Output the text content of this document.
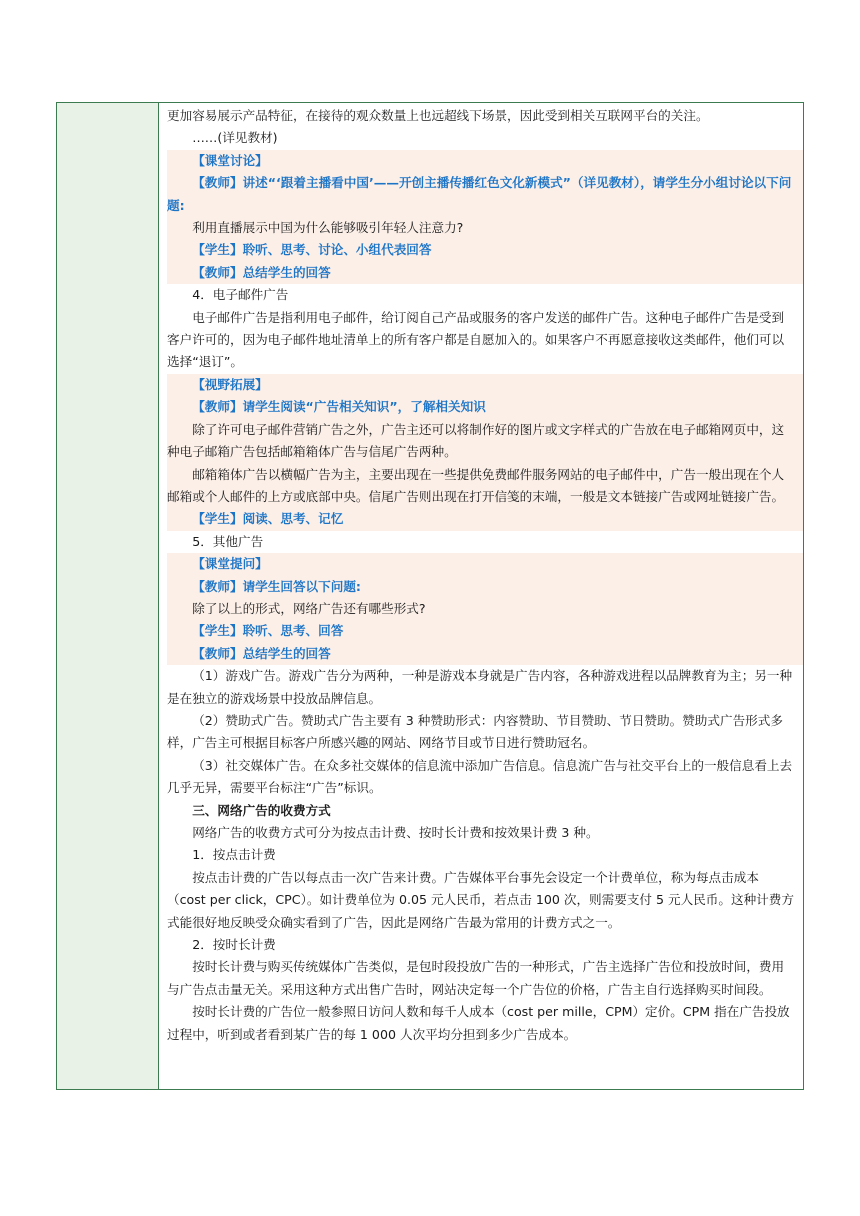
更加容易展示产品特征，在接待的观众数量上也远超线下场景，因此受到相关互联网平台的关注。

……(详见教材)

【课堂讨论】

【教师】讲述“‘跟着主播看中国’——开创主播传播红色文化新模式”（详见教材），请学生分小组讨论以下问题:

利用直播展示中国为什么能够吸引年轻人注意力?

【学生】聆听、思考、讨论、小组代表回答

【教师】总结学生的回答

4．电子邮件广告

电子邮件广告是指利用电子邮件，给订阅自己产品或服务的客户发送的邮件广告。这种电子邮件广告是受到客户许可的，因为电子邮件地址清单上的所有客户都是自愿加入的。如果客户不再愿意接收这类邮件，他们可以选择“退订”。

【视野拓展】

【教师】请学生阅读“广告相关知识”，了解相关知识

除了许可电子邮件营销广告之外，广告主还可以将制作好的图片或文字样式的广告放在电子邮箱网页中，这种电子邮箱广告包括邮箱箱体广告与信尾广告两种。

邮箱箱体广告以横幅广告为主，主要出现在一些提供免费邮件服务网站的电子邮件中，广告一般出现在个人邮箱或个人邮件的上方或底部中央。信尾广告则出现在打开信笺的末端，一般是文本链接广告或网址链接广告。

【学生】阅读、思考、记忆

5．其他广告

【课堂提问】

【教师】请学生回答以下问题:

除了以上的形式，网络广告还有哪些形式?

【学生】聆听、思考、回答

【教师】总结学生的回答

（1）游戏广告。游戏广告分为两种，一种是游戏本身就是广告内容，各种游戏进程以品牌教育为主；另一种是在独立的游戏场景中投放品牌信息。

（2）赞助式广告。赞助式广告主要有 3 种赞助形式：内容赞助、节目赞助、节日赞助。赞助式广告形式多样，广告主可根据目标客户所感兴趣的网站、网络节目或节日进行赞助冠名。

（3）社交媒体广告。在众多社交媒体的信息流中添加广告信息。信息流广告与社交平台上的一般信息看上去几乎无异，需要平台标注“广告”标识。

三、网络广告的收费方式

网络广告的收费方式可分为按点击计费、按时长计费和按效果计费 3 种。

1．按点击计费

按点击计费的广告以每点击一次广告来计费。广告媒体平台事先会设定一个计费单位，称为每点击成本（cost per click，CPC）。如计费单位为 0.05 元人民币，若点击 100 次，则需要支付 5 元人民币。这种计费方式能很好地反映受众确实看到了广告，因此是网络广告最为常用的计费方式之一。

2．按时长计费

按时长计费与购买传统媒体广告类似，是包时段投放广告的一种形式，广告主选择广告位和投放时间，费用与广告点击量无关。采用这种方式出售广告时，网站决定每一个广告位的价格，广告主自行选择购买时间段。

按时长计费的广告位一般参照日访问人数和每千人成本（cost per mille，CPM）定价。CPM 指在广告投放过程中，听到或者看到某广告的每 1 000 人次平均分担到多少广告成本。
